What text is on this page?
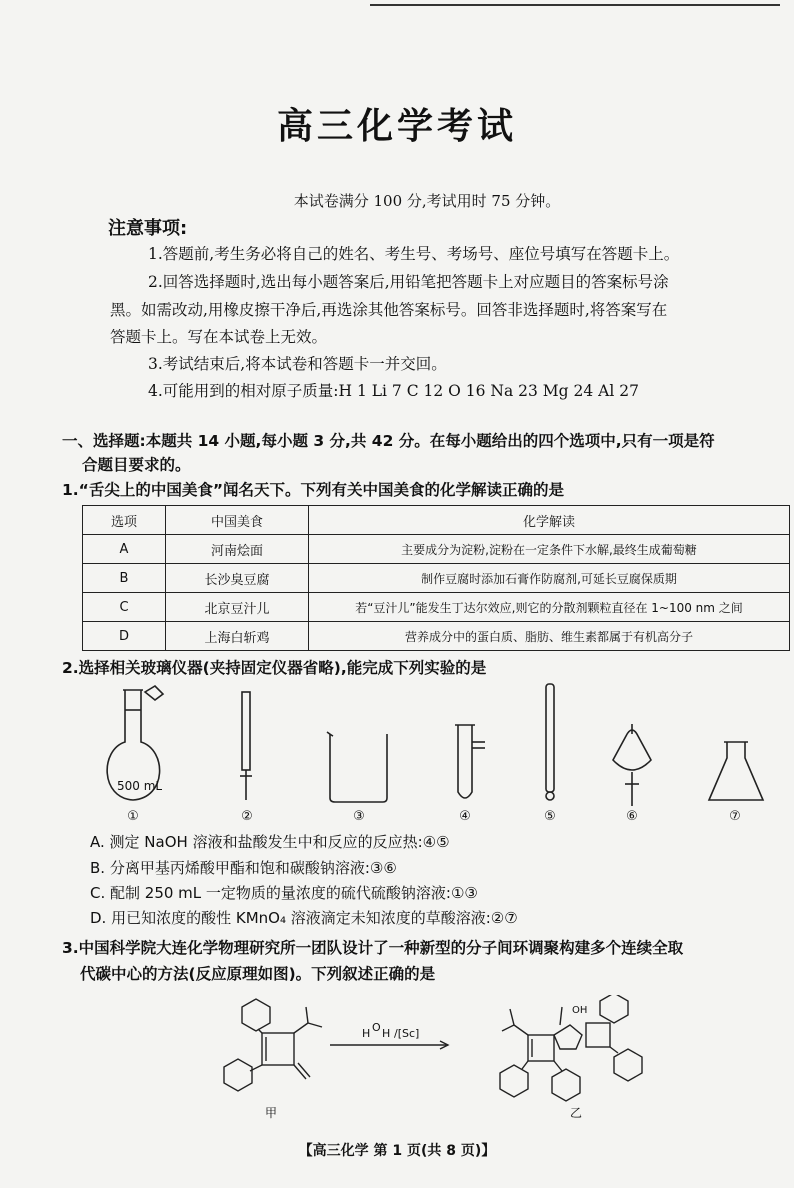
高三化学考试
本试卷满分 100 分,考试用时 75 分钟。
注意事项:
1.答题前,考生务必将自己的姓名、考生号、考场号、座位号填写在答题卡上。
2.回答选择题时,选出每小题答案后,用铅笔把答题卡上对应题目的答案标号涂
黑。如需改动,用橡皮擦干净后,再选涂其他答案标号。回答非选择题时,将答案写在
答题卡上。写在本试卷上无效。
3.考试结束后,将本试卷和答题卡一并交回。
4.可能用到的相对原子质量:H 1 Li 7 C 12 O 16 Na 23 Mg 24 Al 27
一、选择题:本题共 14 小题,每小题 3 分,共 42 分。在每小题给出的四个选项中,只有一项是符
合题目要求的。
1.“舌尖上的中国美食”闻名天下。下列有关中国美食的化学解读正确的是
选项	中国美食	化学解读
A	河南烩面	主要成分为淀粉,淀粉在一定条件下水解,最终生成葡萄糖
B	长沙臭豆腐	制作豆腐时添加石膏作防腐剂,可延长豆腐保质期
C	北京豆汁儿	若“豆汁儿”能发生丁达尔效应,则它的分散剂颗粒直径在 1~100 nm 之间
D	上海白斩鸡	营养成分中的蛋白质、脂肪、维生素都属于有机高分子
2.选择相关玻璃仪器(夹持固定仪器省略),能完成下列实验的是
500 mL
①	②	③	④	⑤	⑥	⑦
A. 测定 NaOH 溶液和盐酸发生中和反应的反应热:④⑤
B. 分离甲基丙烯酸甲酯和饱和碳酸钠溶液:③⑥
C. 配制 250 mL 一定物质的量浓度的硫代硫酸钠溶液:①③
D. 用已知浓度的酸性 KMnO₄ 溶液滴定未知浓度的草酸溶液:②⑦
3.中国科学院大连化学物理研究所一团队设计了一种新型的分子间环调聚构建多个连续全取
代碳中心的方法(反应原理如图)。下列叙述正确的是
H O H /[Sc]
OH
甲	乙
【高三化学 第 1 页(共 8 页)】
